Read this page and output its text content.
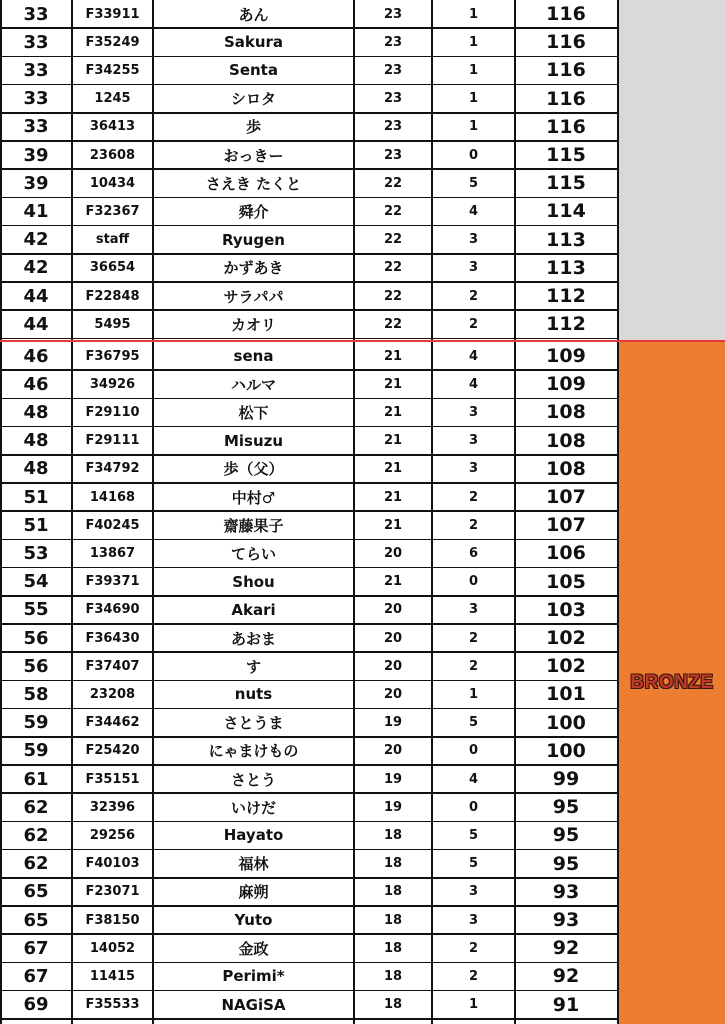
BRONZE
33	F33911	あん	23	1	116
33	F35249	Sakura	23	1	116
33	F34255	Senta	23	1	116
33	1245	シロタ	23	1	116
33	36413	歩	23	1	116
39	23608	おっきー	23	0	115
39	10434	さえき たくと	22	5	115
41	F32367	舜介	22	4	114
42	staff	Ryugen	22	3	113
42	36654	かずあき	22	3	113
44	F22848	サラパパ	22	2	112
44	5495	カオリ	22	2	112
46	F36795	sena	21	4	109
46	34926	ハルマ	21	4	109
48	F29110	松下	21	3	108
48	F29111	Misuzu	21	3	108
48	F34792	歩（父）	21	3	108
51	14168	中村♂	21	2	107
51	F40245	齋藤果子	21	2	107
53	13867	てらい	20	6	106
54	F39371	Shou	21	0	105
55	F34690	Akari	20	3	103
56	F36430	あおま	20	2	102
56	F37407	す	20	2	102
58	23208	nuts	20	1	101
59	F34462	さとうま	19	5	100
59	F25420	にゃまけもの	20	0	100
61	F35151	さとう	19	4	99
62	32396	いけだ	19	0	95
62	29256	Hayato	18	5	95
62	F40103	福林	18	5	95
65	F23071	麻朔	18	3	93
65	F38150	Yuto	18	3	93
67	14052	金政	18	2	92
67	11415	Perimi*	18	2	92
69	F35533	NAGiSA	18	1	91
